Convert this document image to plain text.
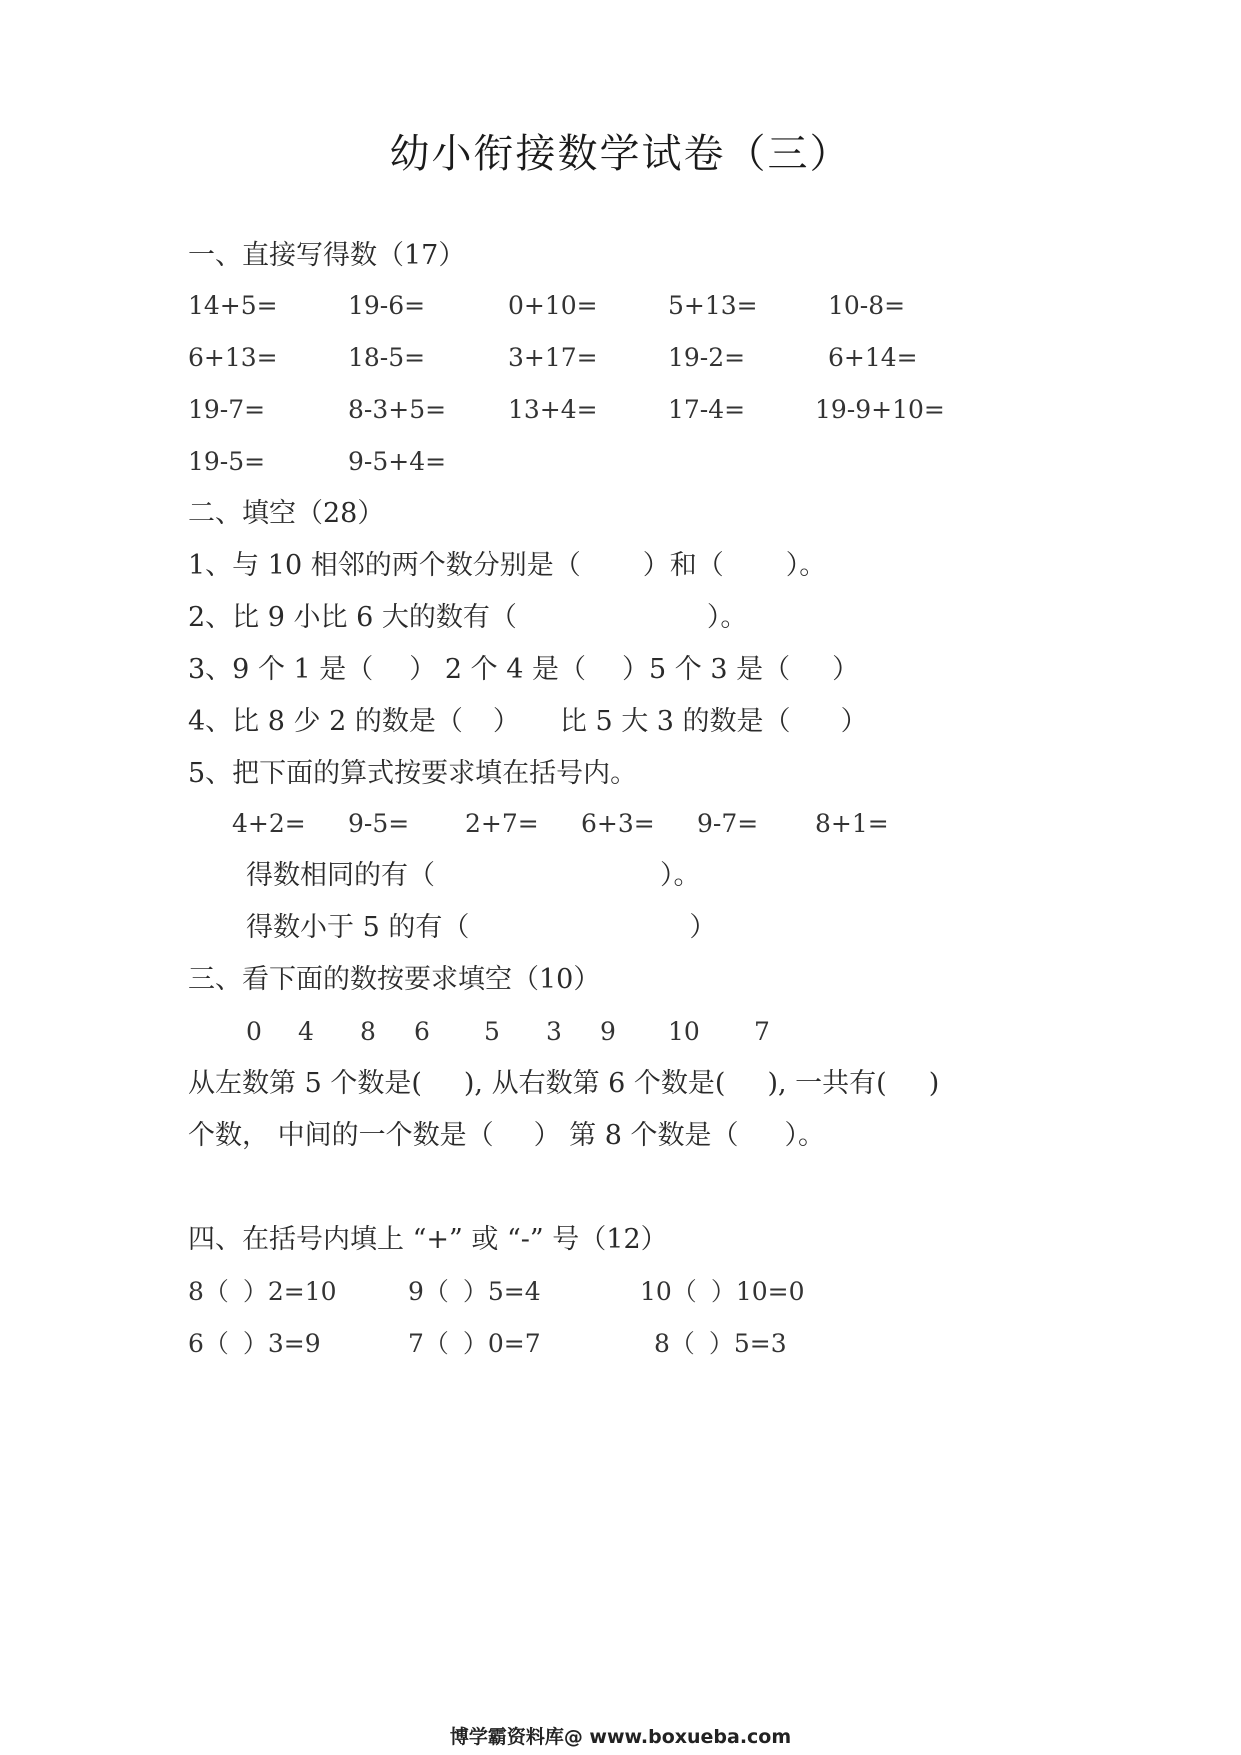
幼小衔接数学试卷（三）
一、直接写得数（17）
14+5=	19-6=	0+10=	5+13=	10-8=
6+13=	18-5=	3+17=	19-2=	6+14=
19-7=	8-3+5= 13+4=	17-4=	19-9+10=
19-5=	9-5+4=
二、填空（28）
1、与 10 相邻的两个数分别是（ ）和（ ）。
2、比 9 小比 6 大的数有（	）。
3、9 个 1 是（ ） 2 个 4 是（ ）5 个 3 是（ ）
4、比 8 少 2 的数是（ ） 比 5 大 3 的数是（ ）
5、把下面的算式按要求填在括号内。
4+2= 9-5= 2+7= 6+3= 9-7= 8+1=
得数相同的有（	）。
得数小于 5 的有（	）
三、看下面的数按要求填空（10）
0 4 8 6 5 3 9 10 7
从左数第 5 个数是( ), 从右数第 6 个数是( ), 一共有( )
个数， 中间的一个数是（ ） 第 8 个数是（ ）。
四、在括号内填上 “+” 或 “-” 号（12）
8（ ）2=10	9（ ）5=4	10（ ）10=0
6（ ）3=9	7（ ）0=7	8（ ）5=3
博学霸资料库@ www.boxueba.com
